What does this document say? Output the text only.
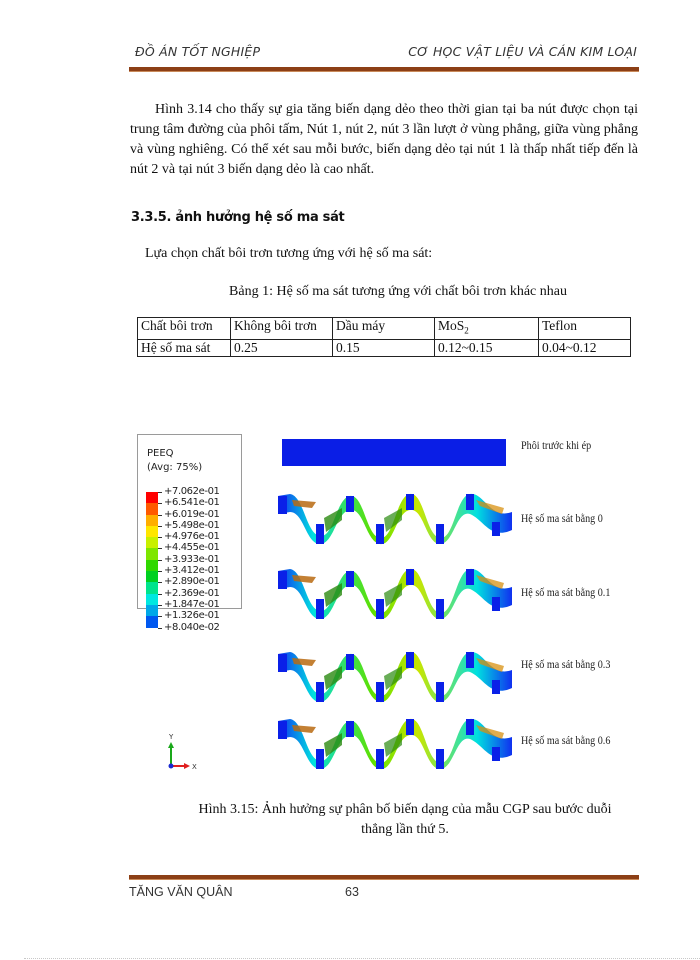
ĐỒ ÁN TỐT NGHIỆP	CƠ HỌC VẬT LIỆU VÀ CÁN KIM LOẠI
Hình 3.14 cho thấy sự gia tăng biến dạng dẻo theo thời gian tại ba nút được chọn tại trung tâm đường của phôi tấm, Nút 1, nút 2, nút 3 lần lượt ở vùng phẳng, giữa vùng phẳng và vùng nghiêng. Có thể xét sau mỗi bước, biến dạng dẻo tại nút 1 là thấp nhất tiếp đến là nút 2 và tại nút 3 biến dạng dẻo là cao nhất.
3.3.5. ảnh hưởng hệ số ma sát
Lựa chọn chất bôi trơn tương ứng với hệ số ma sát:
Bảng 1: Hệ số ma sát tương ứng với chất bôi trơn khác nhau
Chất bôi trơn	Không bôi trơn	Dầu máy	MoS$_2$	Teflon
Hệ số ma sát	0.25	0.15	0.12~0.15	0.04~0.12
PEEQ
(Avg: 75%)
+7.062e-01
+6.541e-01
+6.019e-01
+5.498e-01
+4.976e-01
+4.455e-01
+3.933e-01
+3.412e-01
+2.890e-01
+2.369e-01
+1.847e-01
+1.326e-01
+8.040e-02
Y
X
Phôi trước khi ép
Hệ số ma sát bằng 0
Hệ số ma sát bằng 0.1
Hệ số ma sát bằng 0.3
Hệ số ma sát bằng 0.6
Hình 3.15: Ảnh hưởng sự phân bố biến dạng của mẫu CGP sau bước duỗi
thẳng lần thứ 5.
TĂNG VĂN QUÂN	63
